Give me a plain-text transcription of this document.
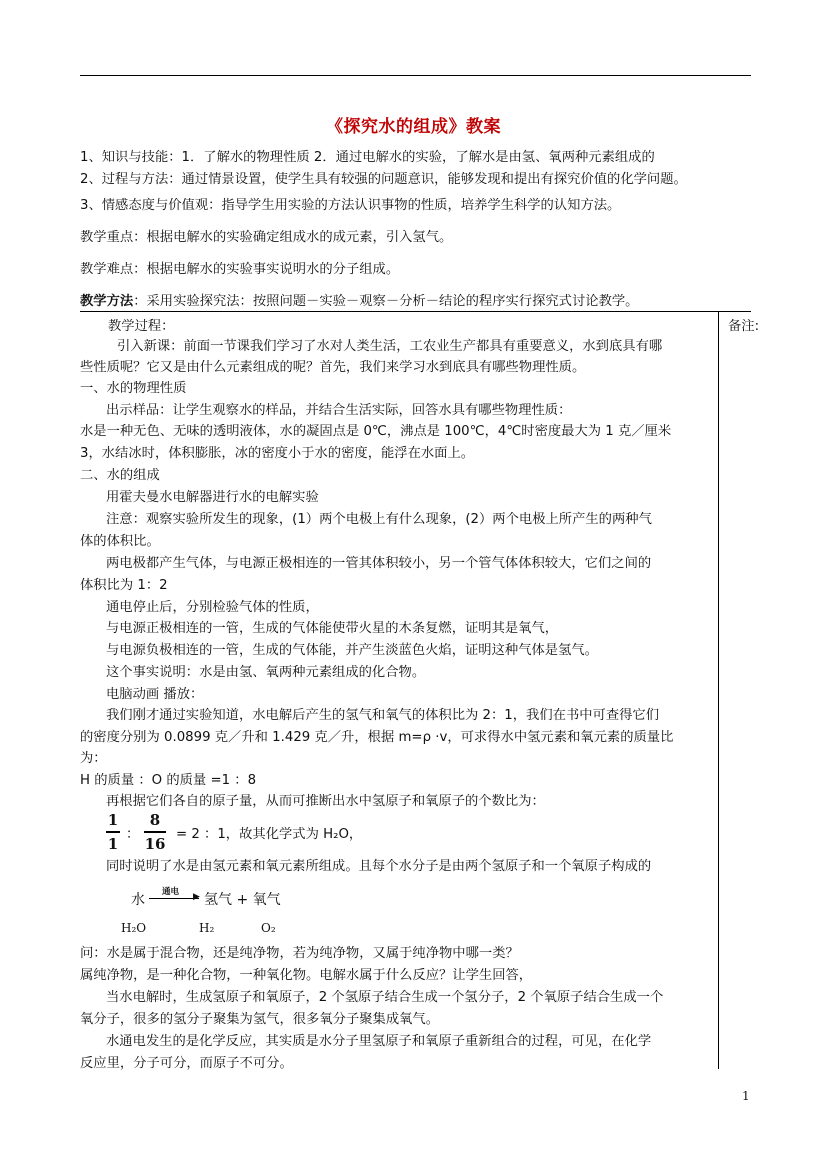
《探究水的组成》教案
1、知识与技能：1．了解水的物理性质 2．通过电解水的实验，了解水是由氢、氧两种元素组成的
2、过程与方法：通过情景设置，使学生具有较强的问题意识，能够发现和提出有探究价值的化学问题。
3、情感态度与价值观：指导学生用实验的方法认识事物的性质，培养学生科学的认知方法。
教学重点：根据电解水的实验确定组成水的成元素，引入氢气。
教学难点：根据电解水的实验事实说明水的分子组成。
教学方法：采用实验探究法：按照问题－实验－观察－分析－结论的程序实行探究式讨论教学。
备注:
教学过程：
引入新课：前面一节课我们学习了水对人类生活，工农业生产都具有重要意义，水到底具有哪
些性质呢？它又是由什么元素组成的呢？首先，我们来学习水到底具有哪些物理性质。
一、水的物理性质
出示样品：让学生观察水的样品，并结合生活实际，回答水具有哪些物理性质：
水是一种无色、无味的透明液体，水的凝固点是 0℃，沸点是 100℃，4℃时密度最大为 1 克／厘米
3，水结冰时，体积膨胀，冰的密度小于水的密度，能浮在水面上。
二、水的组成
用霍夫曼水电解器进行水的电解实验
注意：观察实验所发生的现象，(1）两个电极上有什么现象，(2）两个电极上所产生的两种气
体的体积比。
两电极都产生气体，与电源正极相连的一管其体积较小，另一个管气体体积较大，它们之间的
体积比为 1：2
通电停止后，分别检验气体的性质，
与电源正极相连的一管，生成的气体能使带火星的木条复燃，证明其是氧气，
与电源负极相连的一管，生成的气体能，并产生淡蓝色火焰，证明这种气体是氢气。
这个事实说明：水是由氢、氧两种元素组成的化合物。
电脑动画 播放：
我们刚才通过实验知道，水电解后产生的氢气和氧气的体积比为 2：1，我们在书中可查得它们
的密度分别为 0.0899 克／升和 1.429 克／升，根据 m=ρ ·v，可求得水中氢元素和氧元素的质量比
为：
H 的质量 ：O 的质量 =1 ：8
再根据它们各自的原子量，从而可推断出水中氢原子和氧原子的个数比为：
1
1 ：
8
16 = 2 ：1，故其化学式为 H₂O，
同时说明了水是由氢元素和氧元素所组成。且每个水分子是由两个氢原子和一个氧原子构成的
水 通电 ▶ 氢气 + 氧气
H₂O	H₂	O₂
问：水是属于混合物，还是纯净物，若为纯净物，又属于纯净物中哪一类？
属纯净物，是一种化合物，一种氧化物。电解水属于什么反应？让学生回答，
当水电解时，生成氢原子和氧原子，2 个氢原子结合生成一个氢分子，2 个氧原子结合生成一个
氧分子，很多的氢分子聚集为氢气，很多氧分子聚集成氧气。
水通电发生的是化学反应，其实质是水分子里氢原子和氧原子重新组合的过程，可见，在化学
反应里，分子可分，而原子不可分。
1
